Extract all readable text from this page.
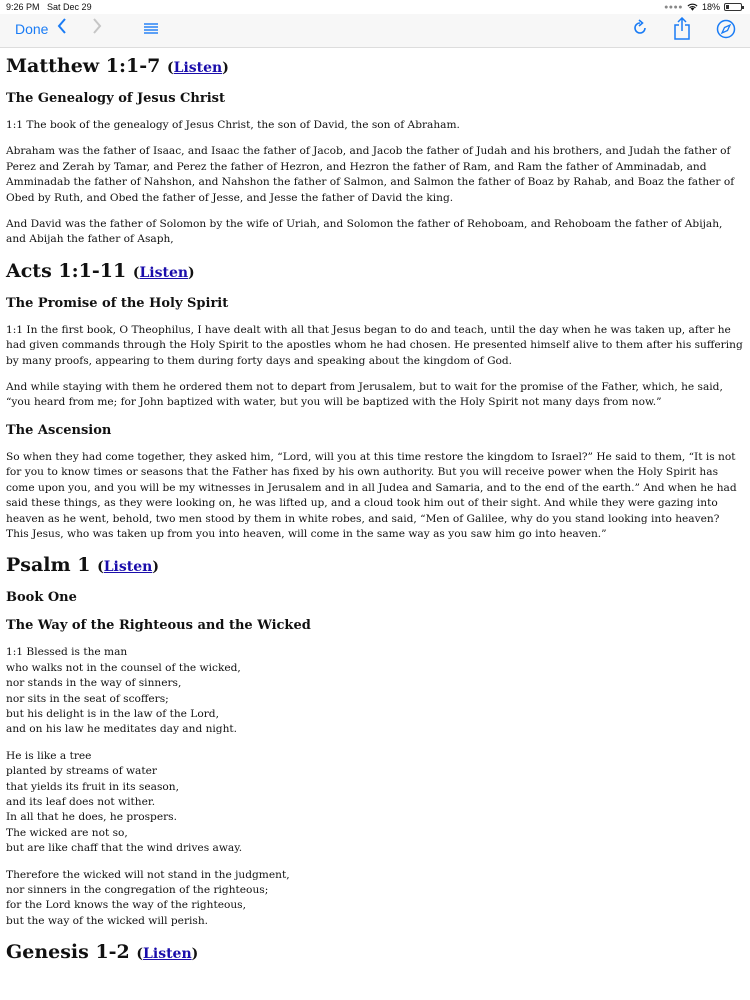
9:26 PM Sat Dec 29	●●●● 18%
Done
Matthew 1:1-7 (Listen)
The Genealogy of Jesus Christ

1:1 The book of the genealogy of Jesus Christ, the son of David, the son of Abraham.

Abraham was the father of Isaac, and Isaac the father of Jacob, and Jacob the father of Judah and his brothers, and Judah the father of Perez and Zerah by Tamar, and Perez the father of Hezron, and Hezron the father of Ram, and Ram the father of Amminadab, and Amminadab the father of Nahshon, and Nahshon the father of Salmon, and Salmon the father of Boaz by Rahab, and Boaz the father of Obed by Ruth, and Obed the father of Jesse, and Jesse the father of David the king.

And David was the father of Solomon by the wife of Uriah, and Solomon the father of Rehoboam, and Rehoboam the father of Abijah, and Abijah the father of Asaph,

Acts 1:1-11 (Listen)
The Promise of the Holy Spirit

1:1 In the first book, O Theophilus, I have dealt with all that Jesus began to do and teach, until the day when he was taken up, after he had given commands through the Holy Spirit to the apostles whom he had chosen. He presented himself alive to them after his suffering by many proofs, appearing to them during forty days and speaking about the kingdom of God.

And while staying with them he ordered them not to depart from Jerusalem, but to wait for the promise of the Father, which, he said, “you heard from me; for John baptized with water, but you will be baptized with the Holy Spirit not many days from now.”

The Ascension

So when they had come together, they asked him, “Lord, will you at this time restore the kingdom to Israel?” He said to them, “It is not for you to know times or seasons that the Father has fixed by his own authority. But you will receive power when the Holy Spirit has come upon you, and you will be my witnesses in Jerusalem and in all Judea and Samaria, and to the end of the earth.” And when he had said these things, as they were looking on, he was lifted up, and a cloud took him out of their sight. And while they were gazing into heaven as he went, behold, two men stood by them in white robes, and said, “Men of Galilee, why do you stand looking into heaven? This Jesus, who was taken up from you into heaven, will come in the same way as you saw him go into heaven.”

Psalm 1 (Listen)
Book One
The Way of the Righteous and the Wicked

1:1 Blessed is the man
who walks not in the counsel of the wicked,
nor stands in the way of sinners,
nor sits in the seat of scoffers;
but his delight is in the law of the Lord,
and on his law he meditates day and night.

He is like a tree
planted by streams of water
that yields its fruit in its season,
and its leaf does not wither.
In all that he does, he prospers.
The wicked are not so,
but are like chaff that the wind drives away.

Therefore the wicked will not stand in the judgment,
nor sinners in the congregation of the righteous;
for the Lord knows the way of the righteous,
but the way of the wicked will perish.

Genesis 1-2 (Listen)
